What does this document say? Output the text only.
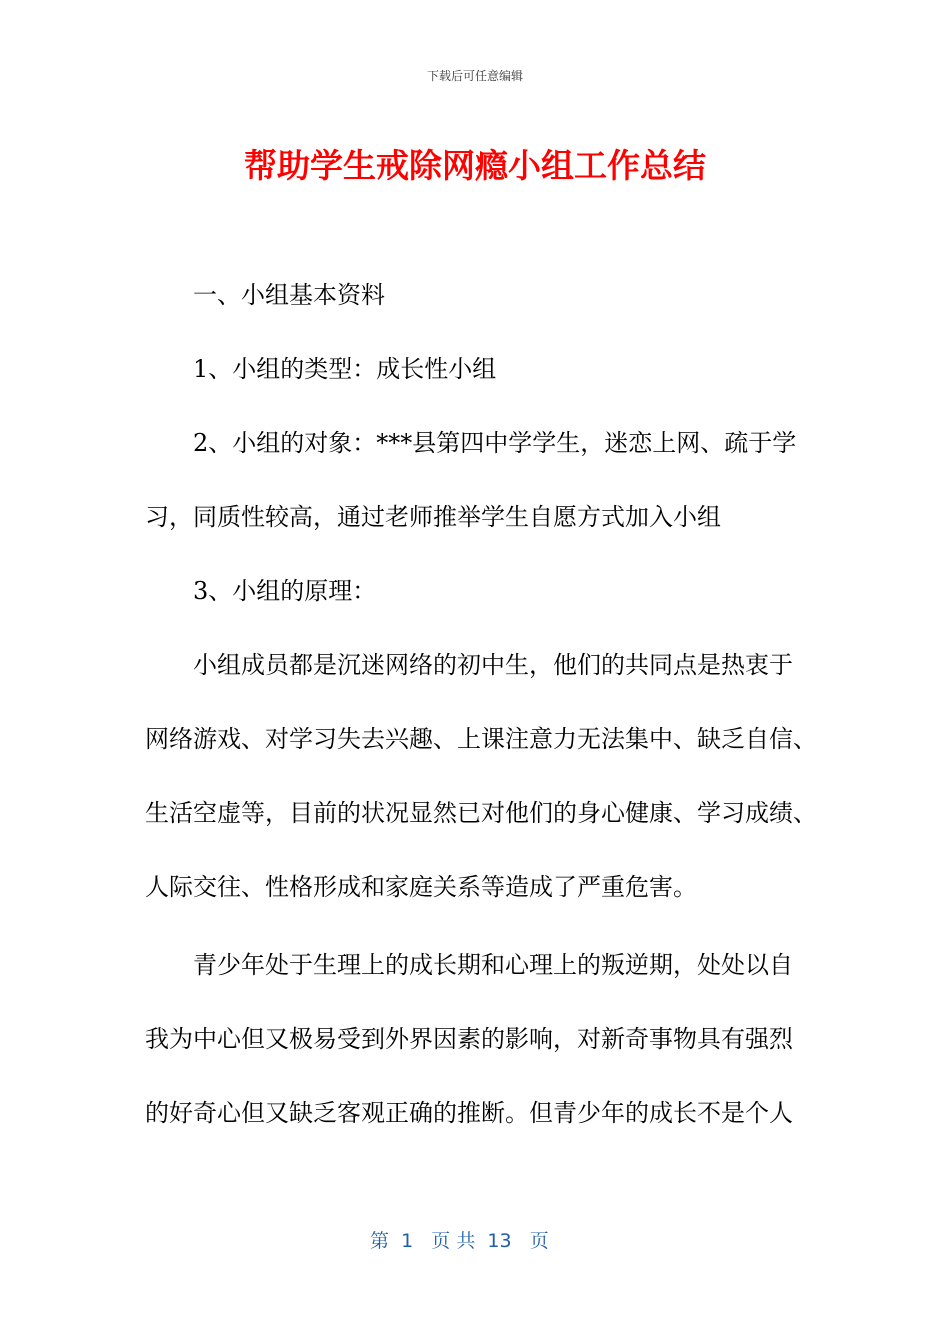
下载后可任意编辑
帮助学生戒除网瘾小组工作总结
一、小组基本资料
1、小组的类型：成长性小组
2、小组的对象：***县第四中学学生，迷恋上网、疏于学
习，同质性较高，通过老师推举学生自愿方式加入小组
3、小组的原理：
小组成员都是沉迷网络的初中生，他们的共同点是热衷于
网络游戏、对学习失去兴趣、上课注意力无法集中、缺乏自信、
生活空虚等，目前的状况显然已对他们的身心健康、学习成绩、
人际交往、性格形成和家庭关系等造成了严重危害。
青少年处于生理上的成长期和心理上的叛逆期，处处以自
我为中心但又极易受到外界因素的影响，对新奇事物具有强烈
的好奇心但又缺乏客观正确的推断。但青少年的成长不是个人
第  1   页 共  13   页
